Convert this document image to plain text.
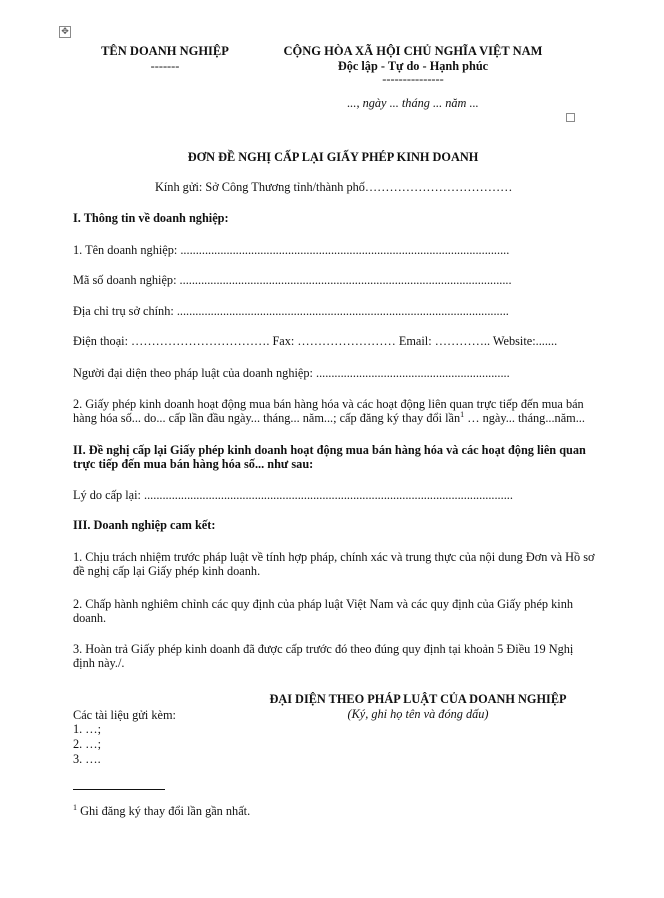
✥
TÊN DOANH NGHIỆP
-------
CỘNG HÒA XÃ HỘI CHỦ NGHĨA VIỆT NAM
Độc lập - Tự do - Hạnh phúc
---------------
..., ngày ... tháng ... năm ...
ĐƠN ĐỀ NGHỊ CẤP LẠI GIẤY PHÉP KINH DOANH
Kính gửi: Sở Công Thương tỉnh/thành phố………………………………
I. Thông tin về doanh nghiệp:
1. Tên doanh nghiệp: ...........................................................................................................
Mã số doanh nghiệp: ............................................................................................................
Địa chỉ trụ sở chính: ............................................................................................................
Điện thoại: ……………………………. Fax: …………………… Email: ………….. Website:.......
Người đại diện theo pháp luật của doanh nghiệp: ...............................................................
2. Giấy phép kinh doanh hoạt động mua bán hàng hóa và các hoạt động liên quan trực tiếp đến mua bán
hàng hóa số... do... cấp lần đầu ngày... tháng... năm...; cấp đăng ký thay đổi lần$^1$ … ngày... tháng...năm...
II. Đề nghị cấp lại Giấy phép kinh doanh hoạt động mua bán hàng hóa và các hoạt động liên quan
trực tiếp đến mua bán hàng hóa số... như sau:
Lý do cấp lại: ........................................................................................................................
III. Doanh nghiệp cam kết:
1. Chịu trách nhiệm trước pháp luật về tính hợp pháp, chính xác và trung thực của nội dung Đơn và Hồ sơ
đề nghị cấp lại Giấy phép kinh doanh.
2. Chấp hành nghiêm chỉnh các quy định của pháp luật Việt Nam và các quy định của Giấy phép kinh
doanh.
3. Hoàn trả Giấy phép kinh doanh đã được cấp trước đó theo đúng quy định tại khoản 5 Điều 19 Nghị
định này./.
ĐẠI DIỆN THEO PHÁP LUẬT CỦA DOANH NGHIỆP
(Ký, ghi họ tên và đóng dấu)
Các tài liệu gửi kèm:
1. …;
2. …;
3. ….
$^1$ Ghi đăng ký thay đổi lần gần nhất.
